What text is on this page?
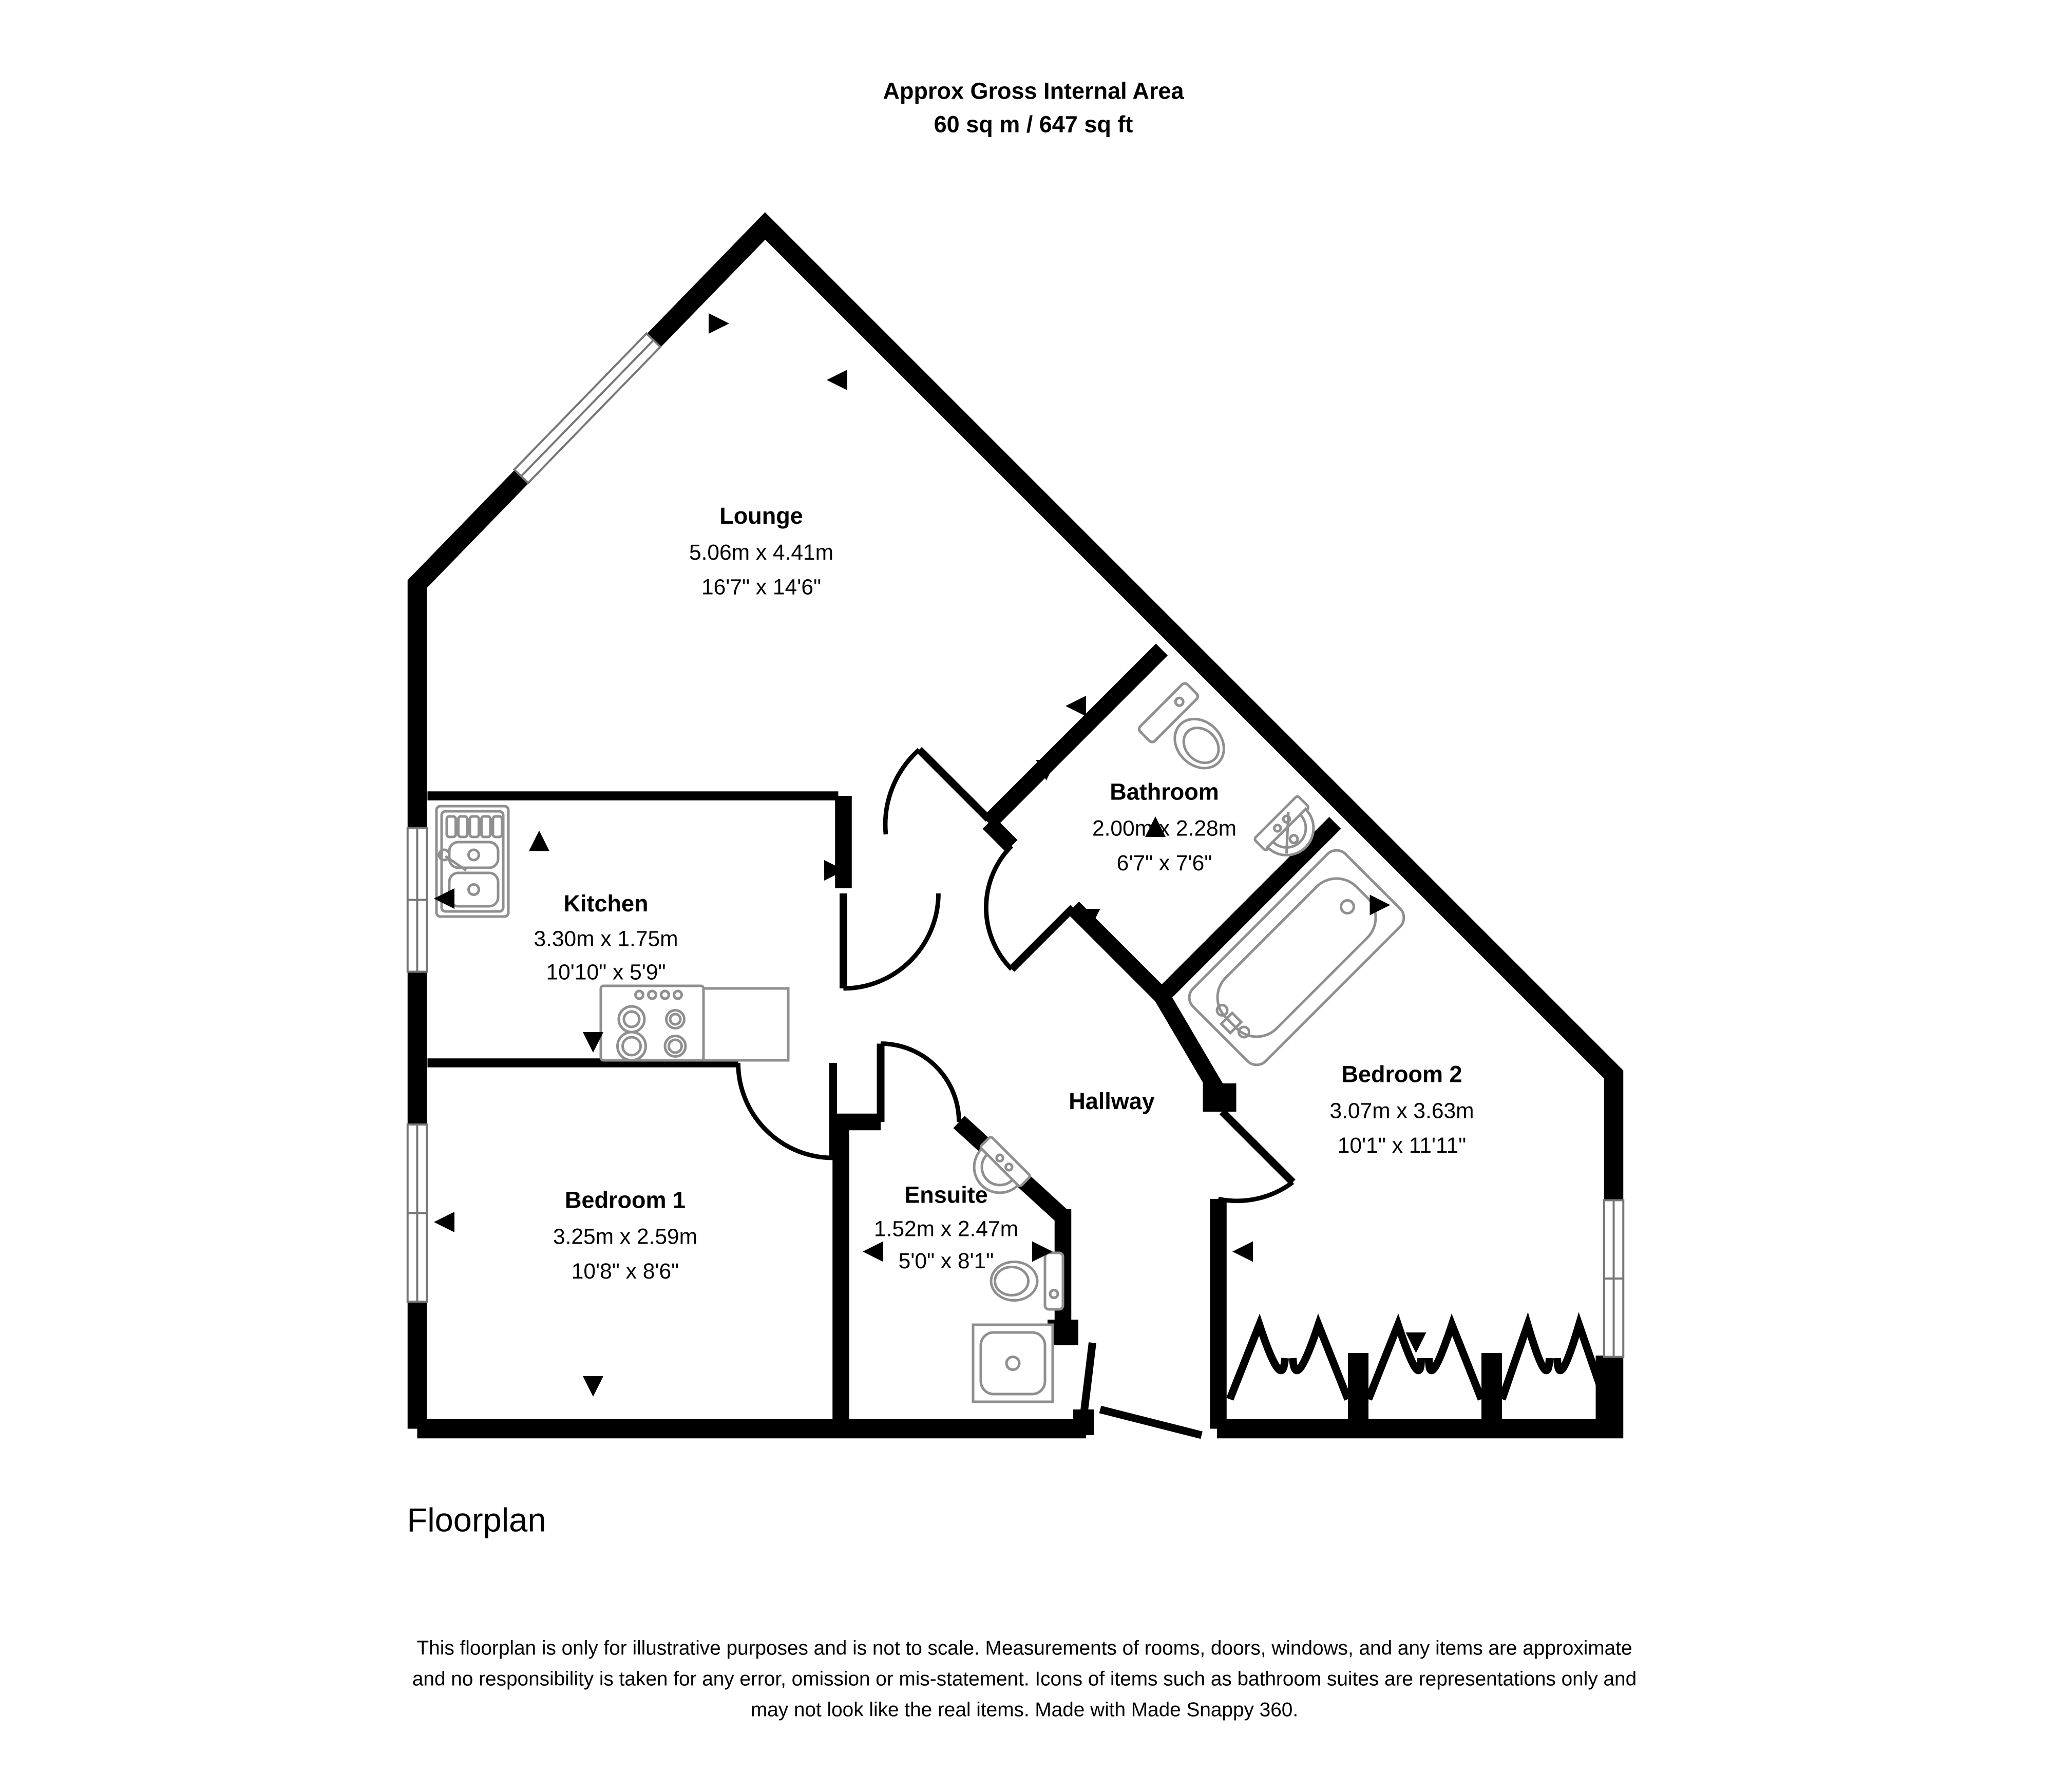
Approx Gross Internal Area
60 sq m / 647 sq ft
Lounge
5.06m x 4.41m
16'7" x 14'6"
Kitchen
3.30m x 1.75m
10'10" x 5'9"
Bathroom
2.00m x 2.28m
6'7" x 7'6"
Bedroom 1
3.25m x 2.59m
10'8" x 8'6"
Bedroom 2
3.07m x 3.63m
10'1" x 11'11"
Ensuite
1.52m x 2.47m
5'0" x 8'1"
Hallway
Floorplan
This floorplan is only for illustrative purposes and is not to scale. Measurements of rooms, doors, windows, and any items are approximate
and no responsibility is taken for any error, omission or mis-statement. Icons of items such as bathroom suites are representations only and
may not look like the real items. Made with Made Snappy 360.
